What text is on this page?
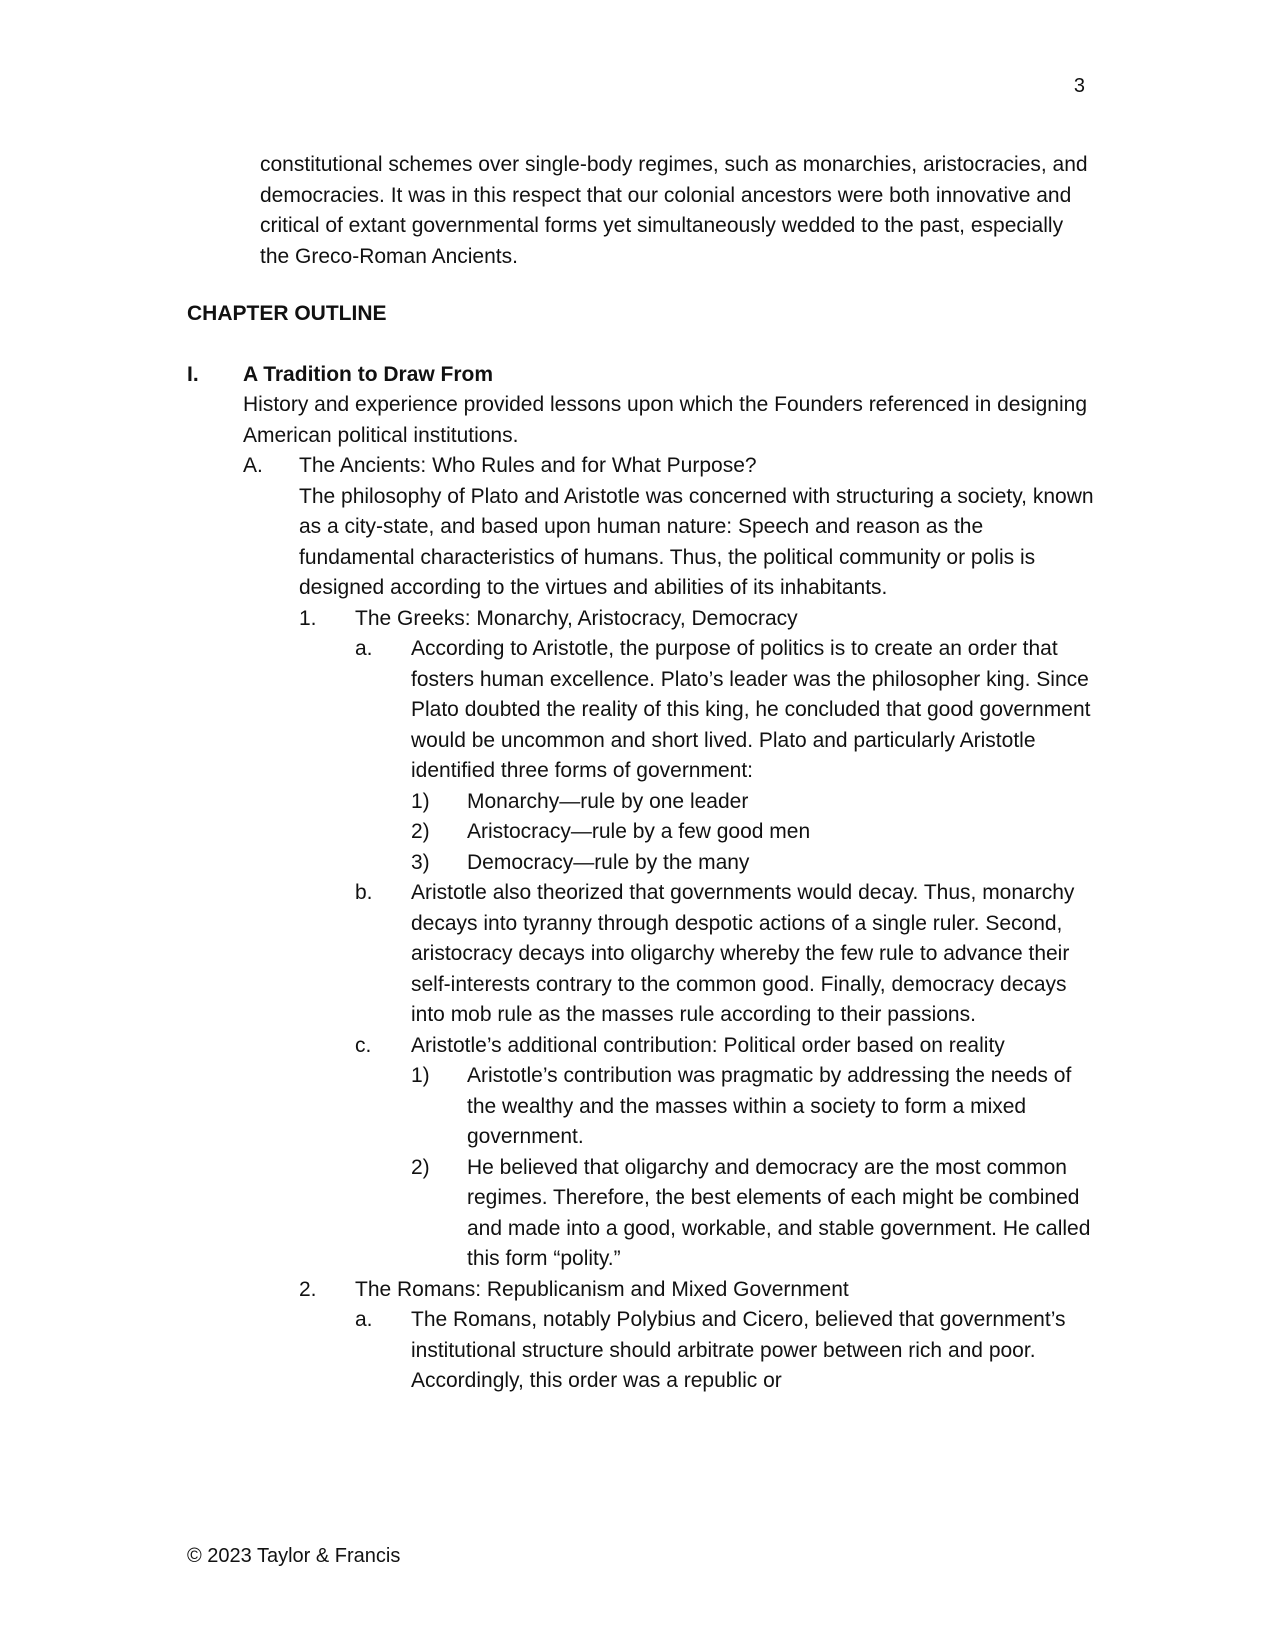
3

constitutional schemes over single-body regimes, such as monarchies, aristocracies, and democracies. It was in this respect that our colonial ancestors were both innovative and critical of extant governmental forms yet simultaneously wedded to the past, especially the Greco-Roman Ancients.

CHAPTER OUTLINE
I. A Tradition to Draw From
History and experience provided lessons upon which the Founders referenced in designing American political institutions.
A. The Ancients: Who Rules and for What Purpose?
The philosophy of Plato and Aristotle was concerned with structuring a society, known as a city-state, and based upon human nature: Speech and reason as the fundamental characteristics of humans. Thus, the political community or polis is designed according to the virtues and abilities of its inhabitants.
1. The Greeks: Monarchy, Aristocracy, Democracy
a. According to Aristotle, the purpose of politics is to create an order that fosters human excellence. Plato’s leader was the philosopher king. Since Plato doubted the reality of this king, he concluded that good government would be uncommon and short lived. Plato and particularly Aristotle identified three forms of government:
1) Monarchy—rule by one leader
2) Aristocracy—rule by a few good men
3) Democracy—rule by the many
b. Aristotle also theorized that governments would decay. Thus, monarchy decays into tyranny through despotic actions of a single ruler. Second, aristocracy decays into oligarchy whereby the few rule to advance their self-interests contrary to the common good. Finally, democracy decays into mob rule as the masses rule according to their passions.
c. Aristotle’s additional contribution: Political order based on reality
1) Aristotle’s contribution was pragmatic by addressing the needs of the wealthy and the masses within a society to form a mixed government.
2) He believed that oligarchy and democracy are the most common regimes. Therefore, the best elements of each might be combined and made into a good, workable, and stable government. He called this form “polity.”
2. The Romans: Republicanism and Mixed Government
a. The Romans, notably Polybius and Cicero, believed that government’s institutional structure should arbitrate power between rich and poor. Accordingly, this order was a republic or
© 2023 Taylor & Francis
